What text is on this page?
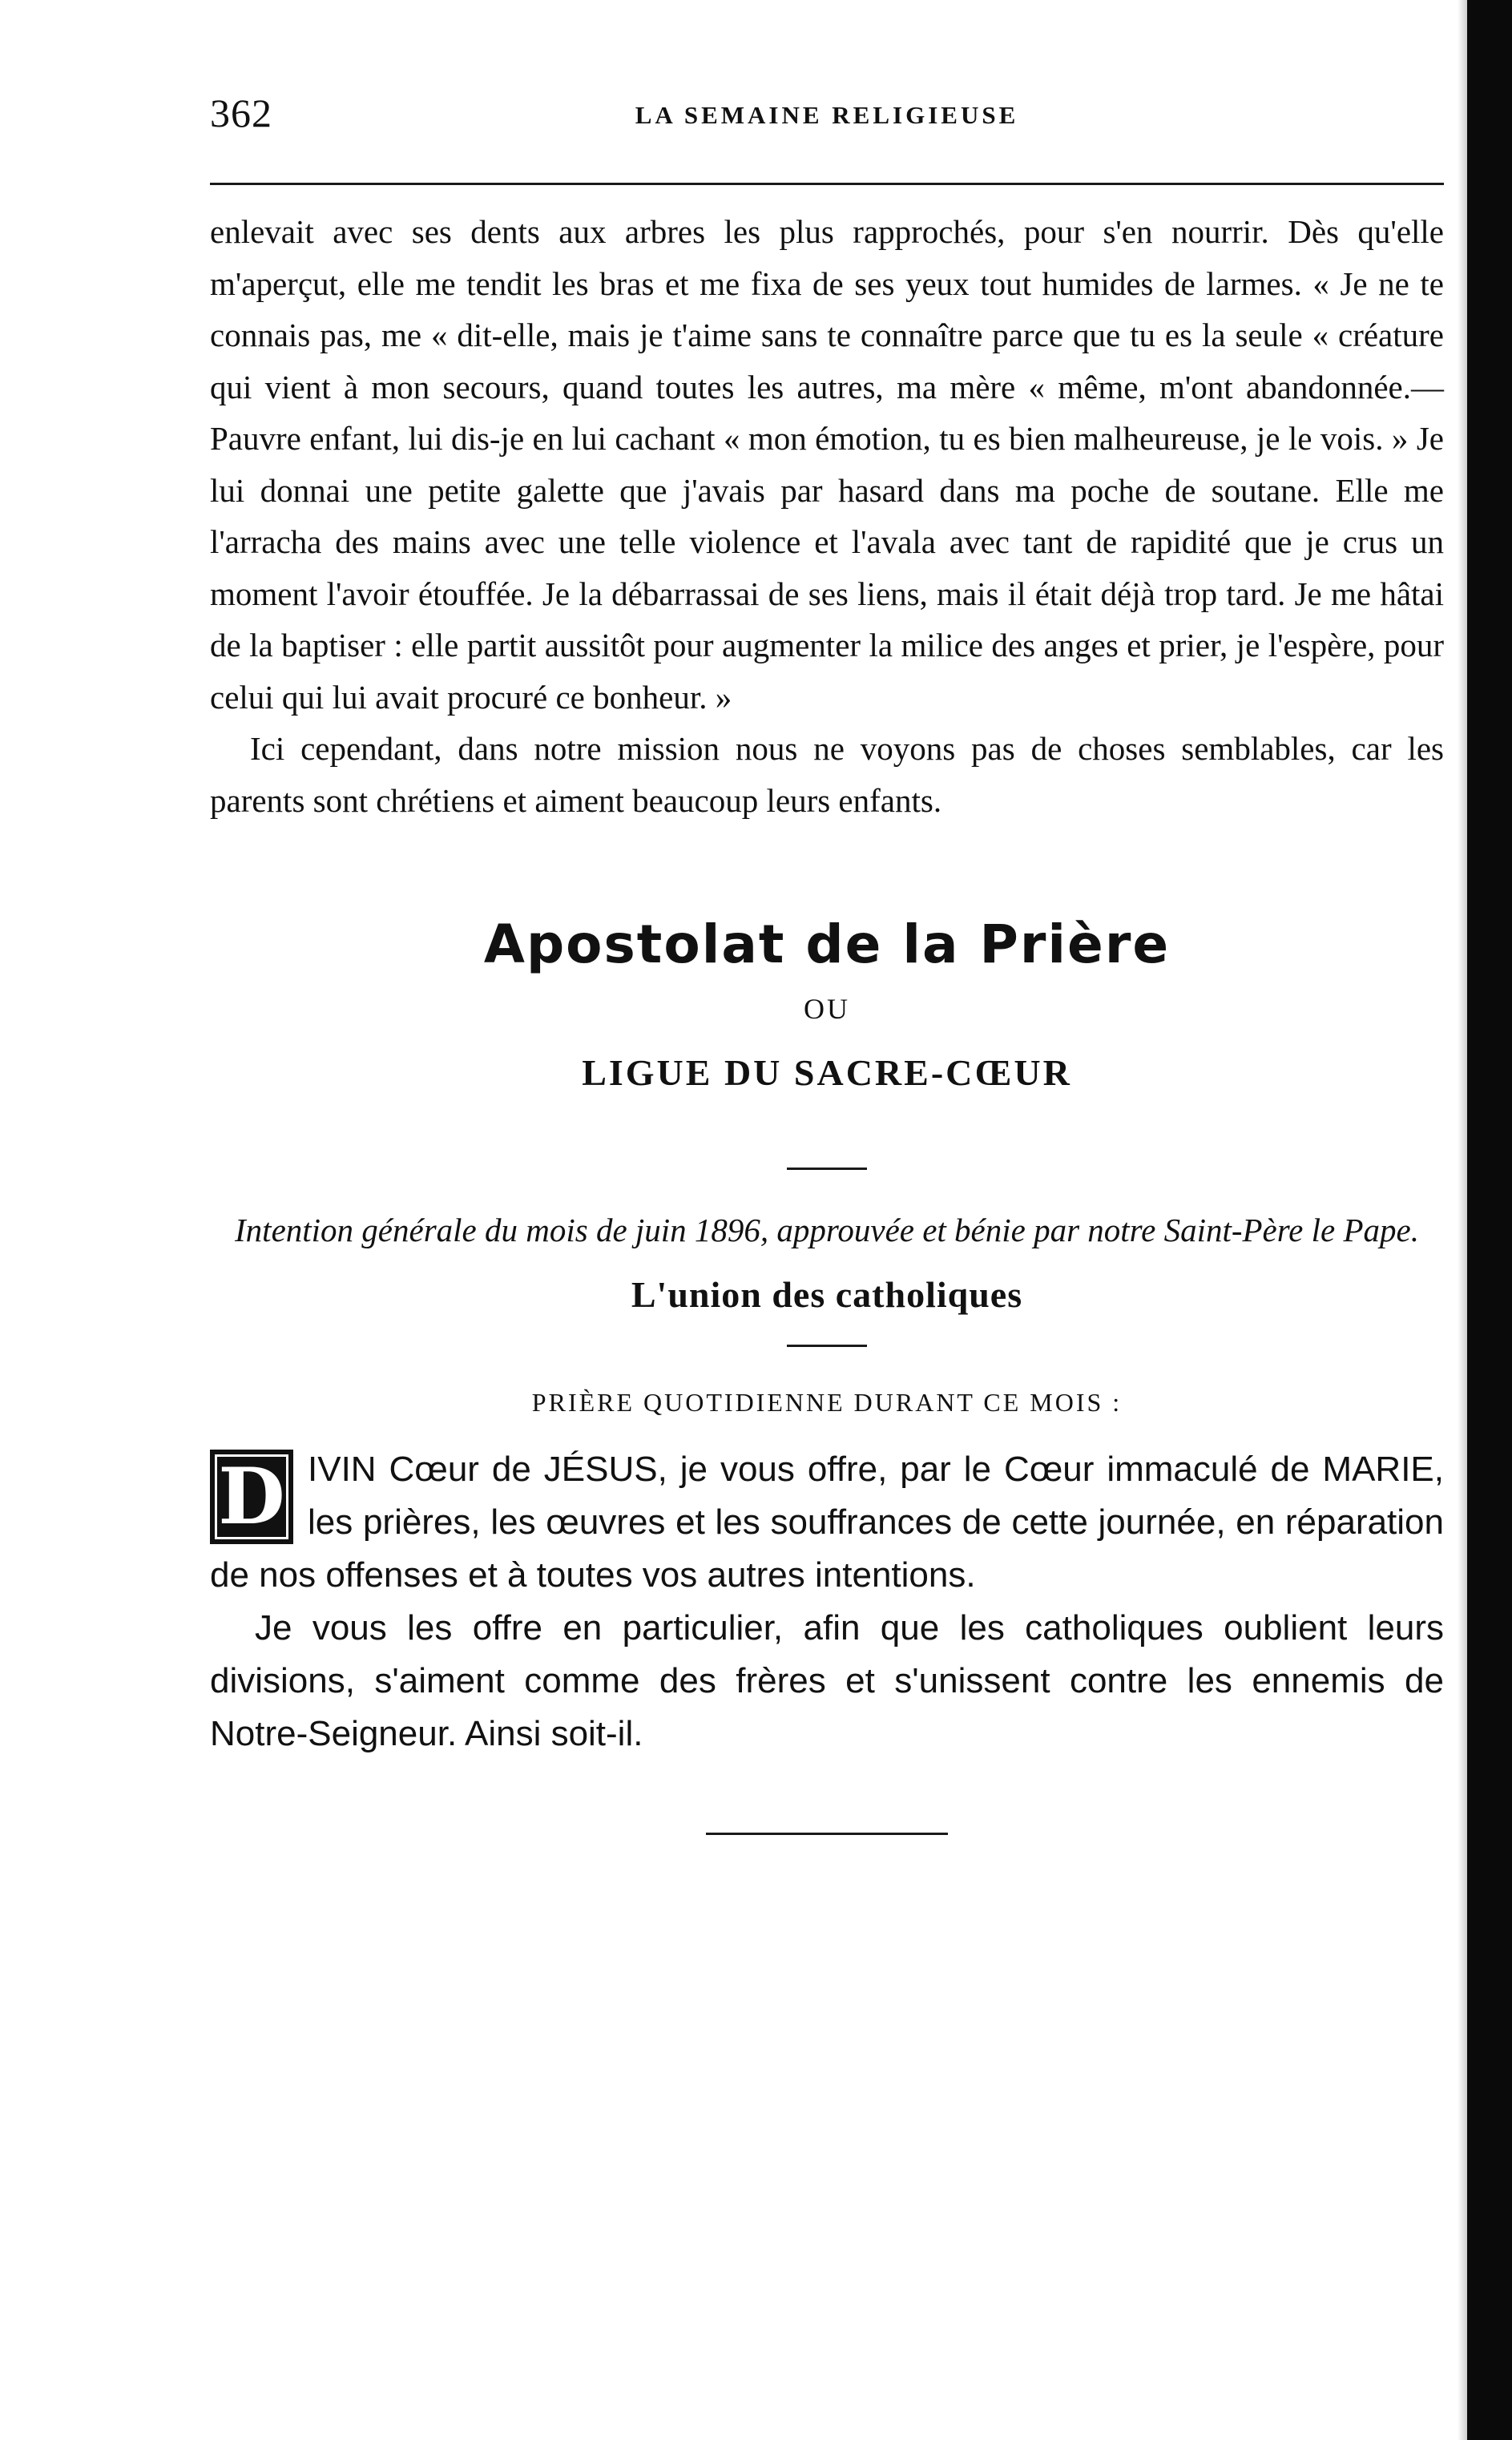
362	LA SEMAINE RELIGIEUSE

enlevait avec ses dents aux arbres les plus rapprochés, pour s'en nourrir. Dès qu'elle m'aperçut, elle me tendit les bras et me fixa de ses yeux tout humides de larmes. « Je ne te connais pas, me « dit-elle, mais je t'aime sans te connaître parce que tu es la seule « créature qui vient à mon secours, quand toutes les autres, ma mère « même, m'ont abandonnée.—Pauvre enfant, lui dis-je en lui cachant « mon émotion, tu es bien malheureuse, je le vois. » Je lui donnai une petite galette que j'avais par hasard dans ma poche de soutane. Elle me l'arracha des mains avec une telle violence et l'avala avec tant de rapidité que je crus un moment l'avoir étouffée. Je la débarrassai de ses liens, mais il était déjà trop tard. Je me hâtai de la baptiser : elle partit aussitôt pour augmenter la milice des anges et prier, je l'espère, pour celui qui lui avait procuré ce bonheur. »

Ici cependant, dans notre mission nous ne voyons pas de choses semblables, car les parents sont chrétiens et aiment beaucoup leurs enfants.

Apostolat de la Prière
OU
LIGUE DU SACRE-CŒUR
Intention générale du mois de juin 1896, approuvée et bénie par notre Saint-Père le Pape.
L'union des catholiques
PRIÈRE QUOTIDIENNE DURANT CE MOIS :

D IVIN Cœur de JÉSUS, je vous offre, par le Cœur immaculé de MARIE, les prières, les œuvres et les souffrances de cette journée, en réparation de nos offenses et à toutes vos autres intentions.

Je vous les offre en particulier, afin que les catholiques oublient leurs divisions, s'aiment comme des frères et s'unissent contre les ennemis de Notre-Seigneur. Ainsi soit-il.
